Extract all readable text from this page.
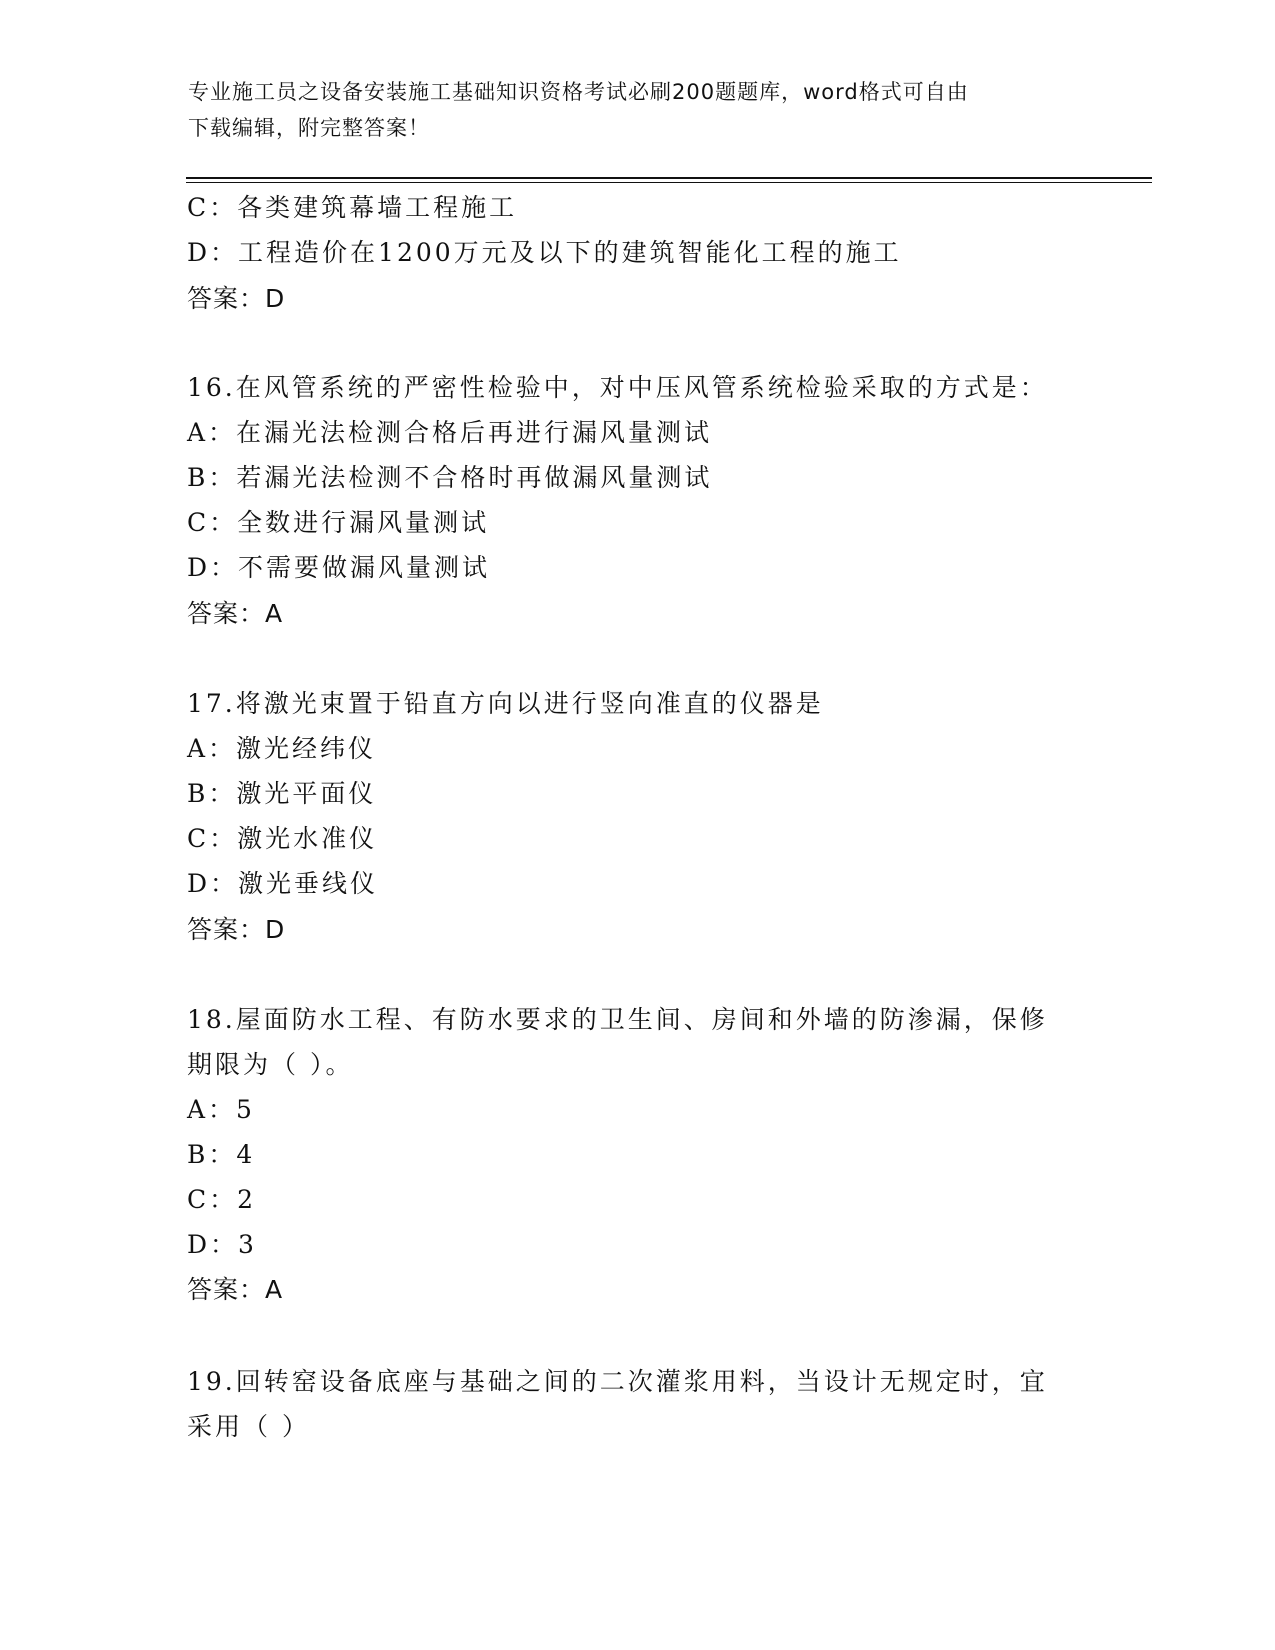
专业施工员之设备安装施工基础知识资格考试必刷200题题库，word格式可自由
下载编辑，附完整答案！
C：各类建筑幕墙工程施工
D：工程造价在1200万元及以下的建筑智能化工程的施工
答案：D
16.在风管系统的严密性检验中，对中压风管系统检验采取的方式是：
A：在漏光法检测合格后再进行漏风量测试
B：若漏光法检测不合格时再做漏风量测试
C：全数进行漏风量测试
D：不需要做漏风量测试
答案：A
17.将激光束置于铅直方向以进行竖向准直的仪器是
A：激光经纬仪
B：激光平面仪
C：激光水准仪
D：激光垂线仪
答案：D
18.屋面防水工程、有防水要求的卫生间、房间和外墙的防渗漏，保修
期限为（ ）。
A：5
B：4
C：2
D：3
答案：A
19.回转窑设备底座与基础之间的二次灌浆用料，当设计无规定时，宜
采用（ ）
